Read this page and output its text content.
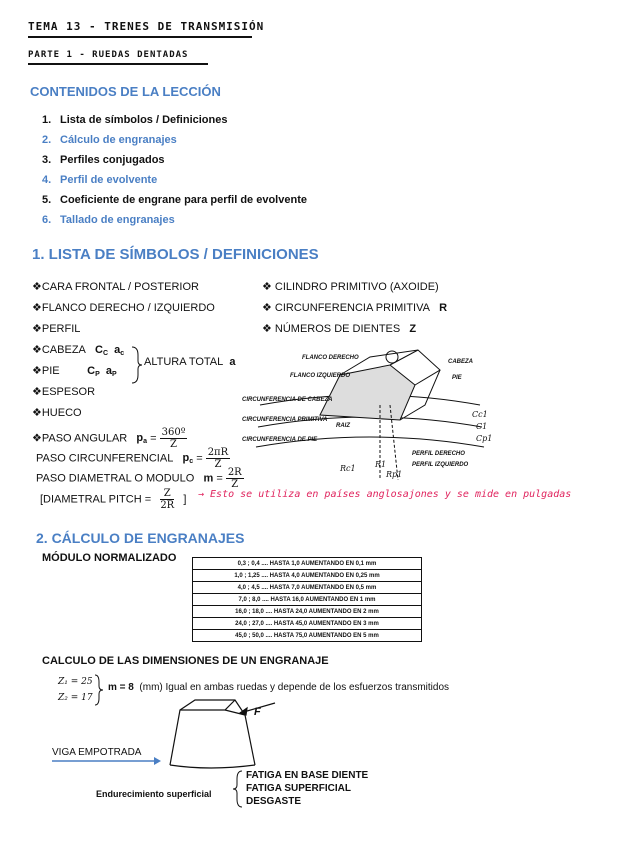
TEMA 13 - TRENES DE TRANSMISIÓN
PARTE 1 - RUEDAS DENTADAS
CONTENIDOS DE LA LECCIÓN
1. Lista de símbolos / Definiciones
2. Cálculo de engranajes
3. Perfiles conjugados
4. Perfil de evolvente
5. Coeficiente de engrane para perfil de evolvente
6. Tallado de engranajes
1. LISTA DE SÍMBOLOS / DEFINICIONES
❖CARA FRONTAL / POSTERIOR
❖FLANCO DERECHO / IZQUIERDO
❖PERFIL
❖CABEZA $C_C$  $a_c$
❖PIE	$C_P$  $a_P$
❖ESPESOR
❖HUECO
ALTURA TOTAL a
❖PASO ANGULAR $p_a = \frac{\text{360º}}{Z}$
PASO CIRCUNFERENCIAL $p_c = \frac{2\pi R}{Z}$
PASO DIAMETRAL O MODULO $m = \frac{2R}{Z}$
[DIAMETRAL PITCH = $\frac{Z}{2R}$   ] → Esto se utiliza en países anglosajones y se mide en pulgadas
❖ CILINDRO PRIMITIVO (AXOIDE)
❖ CIRCUNFERENCIA PRIMITIVA R
❖ NÚMEROS DE DIENTES Z
FLANCO DERECHO
FLANCO IZQUIERDO
CABEZA
PIE
CIRCUNFERENCIA DE CABEZA
CIRCUNFERENCIA PRIMITIVA
CIRCUNFERENCIA DE PIE
RAIZ
PERFIL DERECHO
PERFIL IZQUIERDO
Cc1
C1
Cp1
Rc1 R1
Rp1
2. CÁLCULO DE ENGRANAJES
MÓDULO NORMALIZADO	0,3 ; 0,4 .... HASTA 1,0 AUMENTANDO EN 0,1 mm
1,0 ; 1,25 .... HASTA 4,0 AUMENTANDO EN 0,25 mm
4,0 ; 4,5 .... HASTA 7,0 AUMENTANDO EN 0,5 mm
7,0 ; 8,0 .... HASTA 16,0 AUMENTANDO EN 1 mm
16,0 ; 18,0 .... HASTA 24,0 AUMENTANDO EN 2 mm
24,0 ; 27,0 .... HASTA 45,0 AUMENTANDO EN 3 mm
45,0 ; 50,0 .... HASTA 75,0 AUMENTANDO EN 5 mm
CALCULO DE LAS DIMENSIONES DE UN ENGRANAJE
Z₁ = 25
Z₂ = 17
m = 8 (mm) Igual en ambas ruedas y depende de los esfuerzos transmitidos
F
VIGA EMPOTRADA
Endurecimiento superficial
FATIGA EN BASE DIENTE
FATIGA SUPERFICIAL
DESGASTE
